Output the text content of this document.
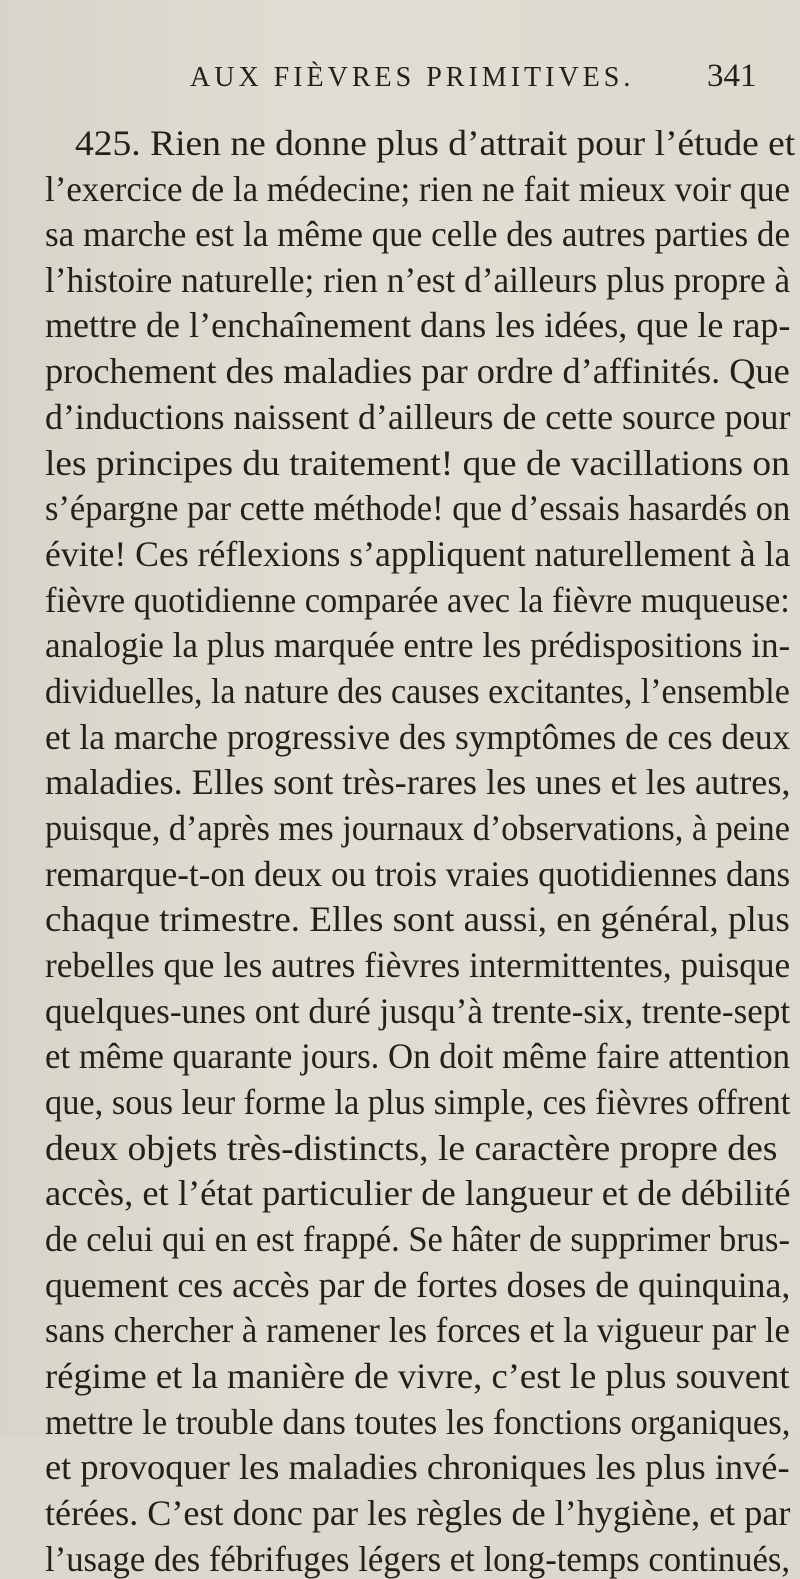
AUX FIÈVRES PRIMITIVES. 341
425. Rien ne donne plus d’attrait pour l’étude et
l’exercice de la médecine; rien ne fait mieux voir que
sa marche est la même que celle des autres parties de
l’histoire naturelle; rien n’est d’ailleurs plus propre à
mettre de l’enchaînement dans les idées, que le rap-
prochement des maladies par ordre d’affinités. Que
d’inductions naissent d’ailleurs de cette source pour
les principes du traitement! que de vacillations on
s’épargne par cette méthode! que d’essais hasardés on
évite! Ces réflexions s’appliquent naturellement à la
fièvre quotidienne comparée avec la fièvre muqueuse:
analogie la plus marquée entre les prédispositions in-
dividuelles, la nature des causes excitantes, l’ensemble
et la marche progressive des symptômes de ces deux
maladies. Elles sont très-rares les unes et les autres,
puisque, d’après mes journaux d’observations, à peine
remarque-t-on deux ou trois vraies quotidiennes dans
chaque trimestre. Elles sont aussi, en général, plus
rebelles que les autres fièvres intermittentes, puisque
quelques-unes ont duré jusqu’à trente-six, trente-sept
et même quarante jours. On doit même faire attention
que, sous leur forme la plus simple, ces fièvres offrent
deux objets très-distincts, le caractère propre des
accès, et l’état particulier de langueur et de débilité
de celui qui en est frappé. Se hâter de supprimer brus-
quement ces accès par de fortes doses de quinquina,
sans chercher à ramener les forces et la vigueur par le
régime et la manière de vivre, c’est le plus souvent
mettre le trouble dans toutes les fonctions organiques,
et provoquer les maladies chroniques les plus invé-
térées. C’est donc par les règles de l’hygiène, et par
l’usage des fébrifuges légers et long-temps continués,
